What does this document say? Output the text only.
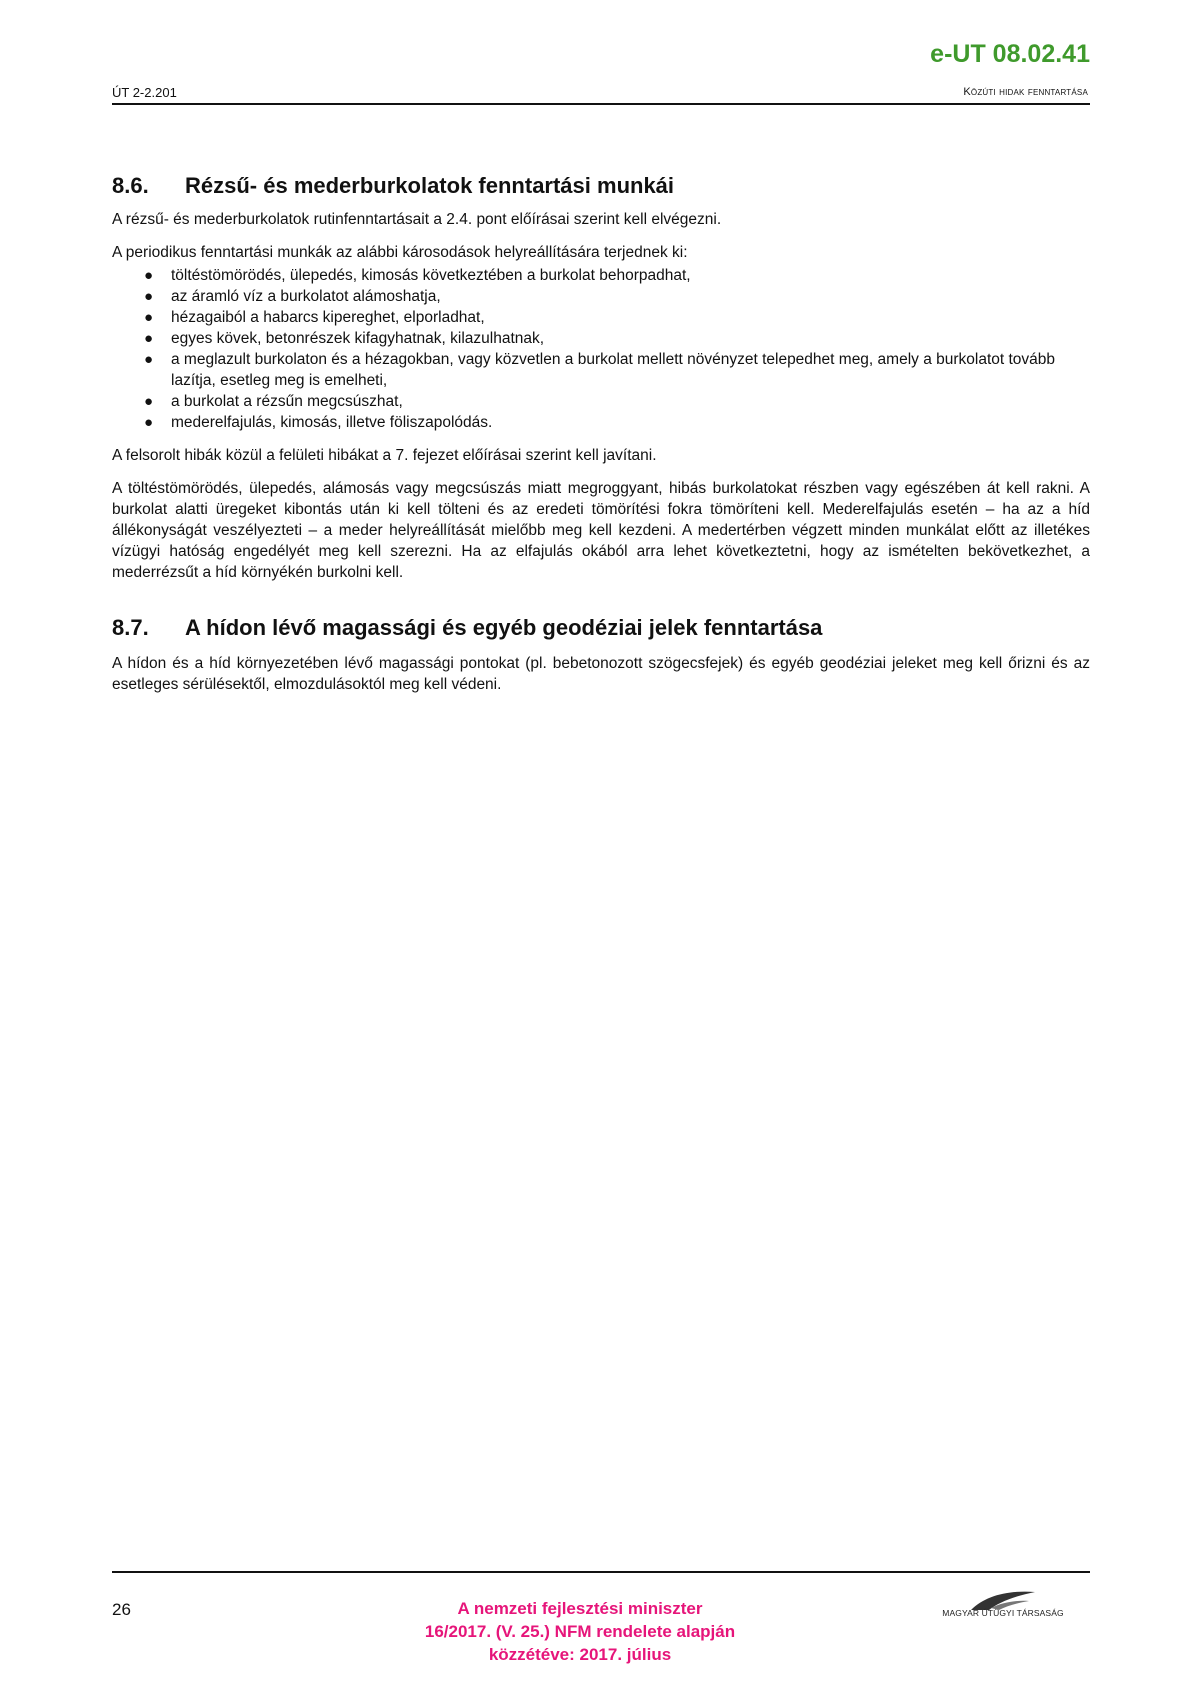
e-UT 08.02.41
ÚT 2-2.201	Közúti hidak fenntartása
8.6.	Rézsű- és mederburkolatok fenntartási munkái

A rézsű- és mederburkolatok rutinfenntartásait a 2.4. pont előírásai szerint kell elvégezni.

A periodikus fenntartási munkák az alábbi károsodások helyreállítására terjednek ki:

● töltéstömörödés, ülepedés, kimosás következtében a burkolat behorpadhat,
● az áramló víz a burkolatot alámoshatja,
● hézagaiból a habarcs kipereghet, elporladhat,
● egyes kövek, betonrészek kifagyhatnak, kilazulhatnak,
● a meglazult burkolaton és a hézagokban, vagy közvetlen a burkolat mellett növényzet telepedhet meg, amely a burkolatot tovább lazítja, esetleg meg is emelheti,
● a burkolat a rézsűn megcsúszhat,
● mederelfajulás, kimosás, illetve föliszapolódás.

A felsorolt hibák közül a felületi hibákat a 7. fejezet előírásai szerint kell javítani.

A töltéstömörödés, ülepedés, alámosás vagy megcsúszás miatt megroggyant, hibás burkolatokat részben vagy egészében át kell rakni. A burkolat alatti üregeket kibontás után ki kell tölteni és az eredeti tömörítési fokra tömöríteni kell. Mederelfajulás esetén – ha az a híd állékonyságát veszélyezteti – a meder helyreállítását mielőbb meg kell kezdeni. A medertérben végzett minden munkálat előtt az illetékes vízügyi hatóság engedélyét meg kell szerezni. Ha az elfajulás okából arra lehet következtetni, hogy az ismételten bekövetkezhet, a mederrézsűt a híd környékén burkolni kell.

8.7.	A hídon lévő magassági és egyéb geodéziai jelek fenntartása

A hídon és a híd környezetében lévő magassági pontokat (pl. bebetonozott szögecsfejek) és egyéb geodéziai jeleket meg kell őrizni és az esetleges sérülésektől, elmozdulásoktól meg kell védeni.

26	A nemzeti fejlesztési miniszter
16/2017. (V. 25.) NFM rendelete alapján
közzétéve: 2017. július
MAGYAR ÚTÜGYI TÁRSASÁG
